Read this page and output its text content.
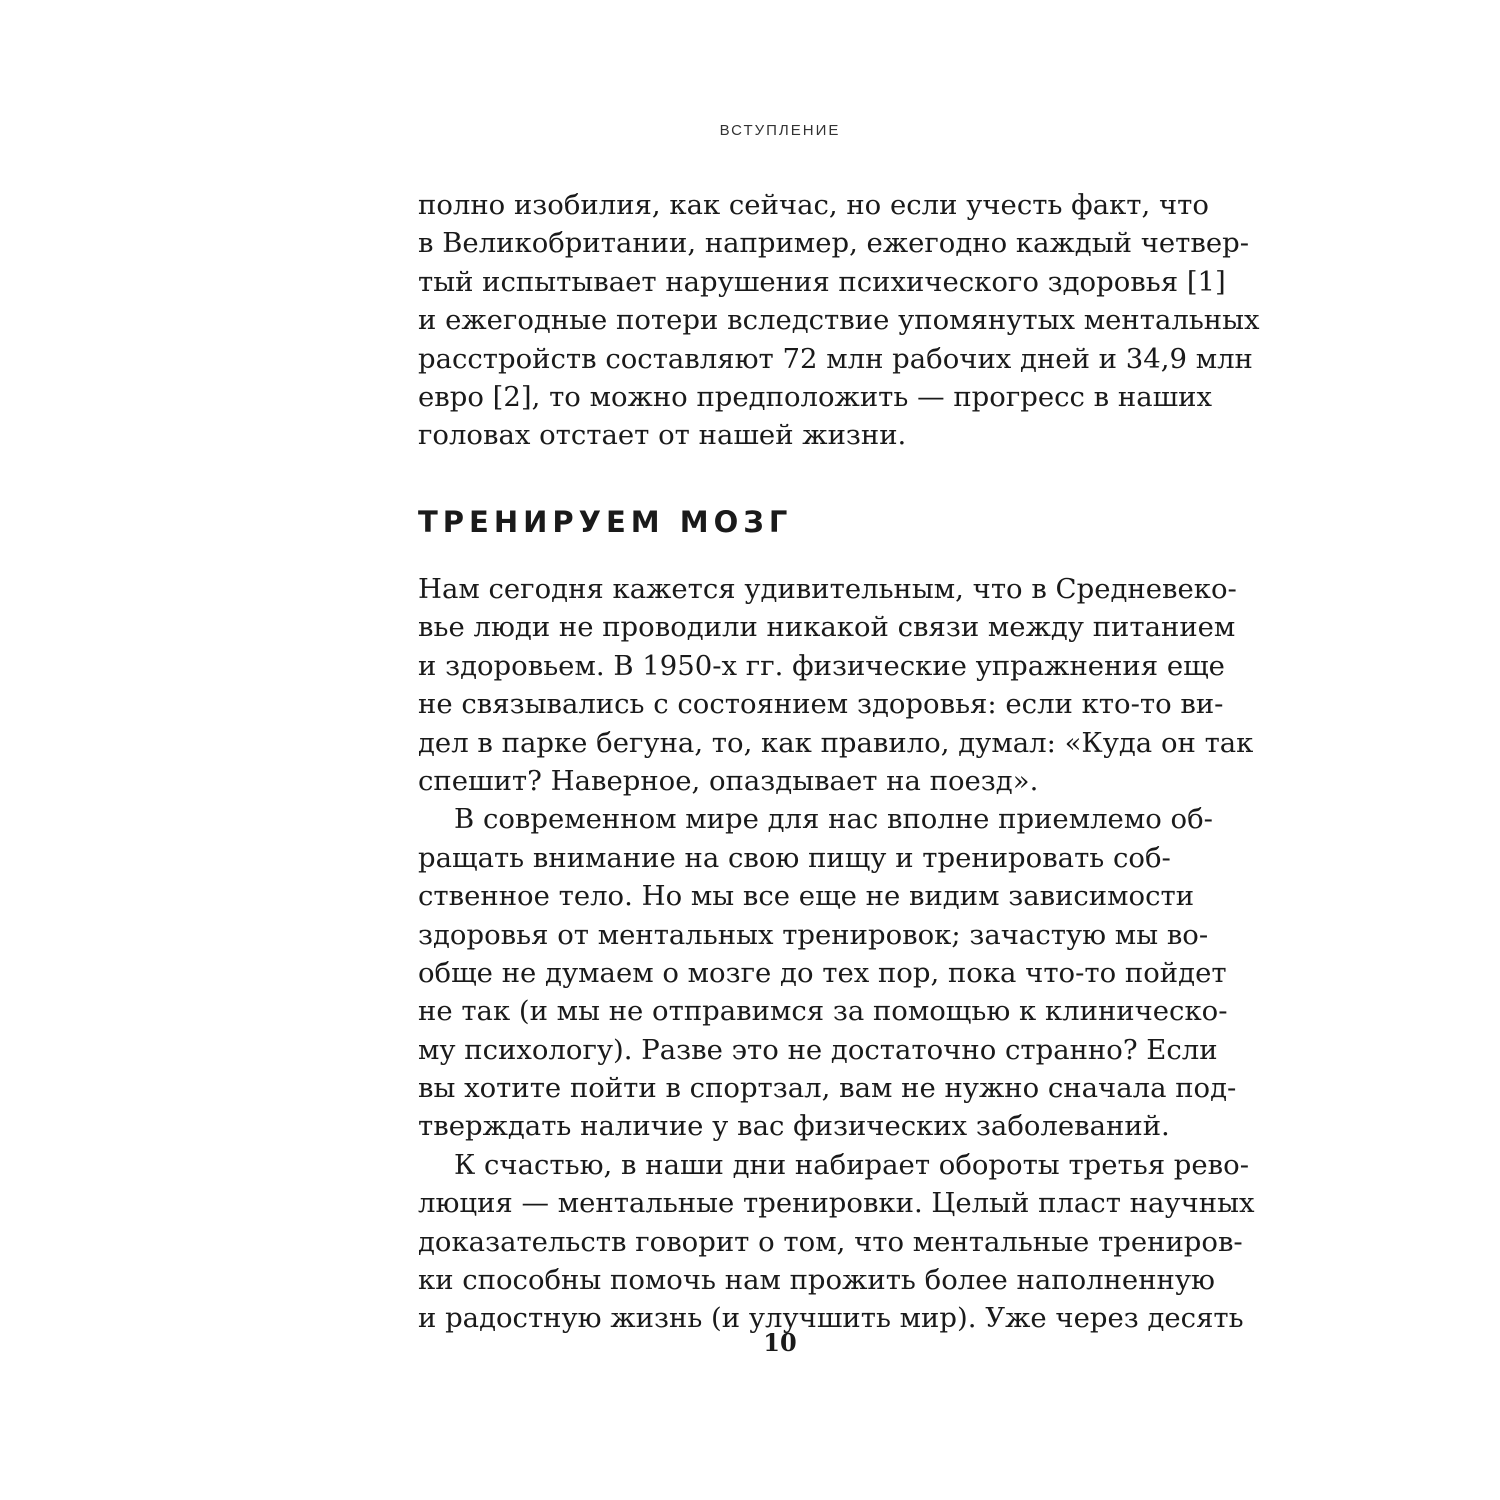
ВСТУПЛЕНИЕ
полно изобилия, как сейчас, но если учесть факт, что
в Великобритании, например, ежегодно каждый четвер-
тый испытывает нарушения психического здоровья [1]
и ежегодные потери вследствие упомянутых ментальных
расстройств составляют 72 млн рабочих дней и 34,9 млн
евро [2], то можно предположить — прогресс в наших
головах отстает от нашей жизни.
ТРЕНИРУЕМ МОЗГ
Нам сегодня кажется удивительным, что в Средневеко-
вье люди не проводили никакой связи между питанием
и здоровьем. В 1950-х гг. физические упражнения еще
не связывались с состоянием здоровья: если кто-то ви-
дел в парке бегуна, то, как правило, думал: «Куда он так
спешит? Наверное, опаздывает на поезд».
В современном мире для нас вполне приемлемо об-
ращать внимание на свою пищу и тренировать соб-
ственное тело. Но мы все еще не видим зависимости
здоровья от ментальных тренировок; зачастую мы во-
обще не думаем о мозге до тех пор, пока что-то пойдет
не так (и мы не отправимся за помощью к клиническо-
му психологу). Разве это не достаточно странно? Если
вы хотите пойти в спортзал, вам не нужно сначала под-
тверждать наличие у вас физических заболеваний.
К счастью, в наши дни набирает обороты третья рево-
люция — ментальные тренировки. Целый пласт научных
доказательств говорит о том, что ментальные трениров-
ки способны помочь нам прожить более наполненную
и радостную жизнь (и улучшить мир). Уже через десять
10
